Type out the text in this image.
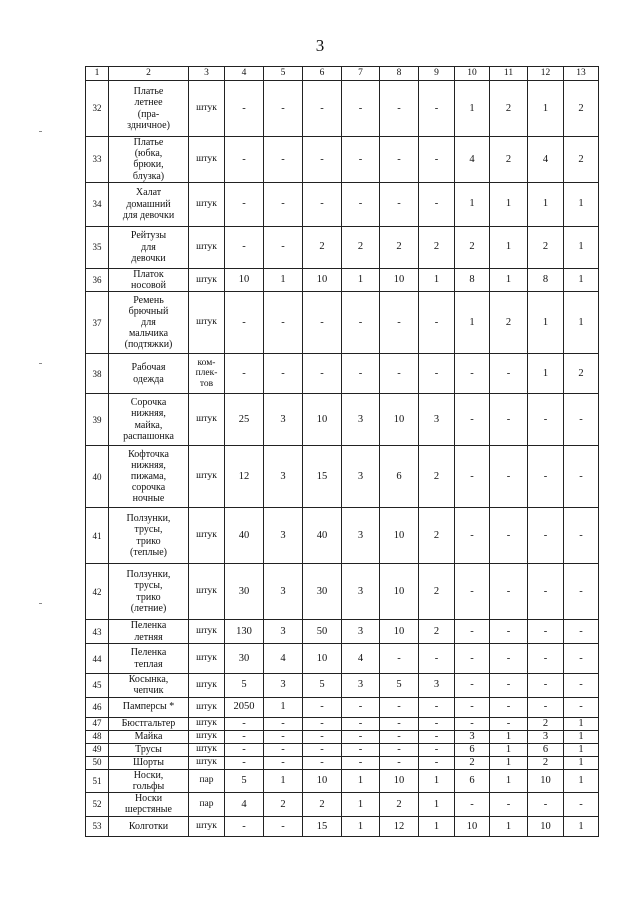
3
1	2	3	4	5	6	7	8	9	10	11	12	13
32	Платье
летнее
(пра-
здничное)	штук	-	-	-	-	-	-	1	2	1	2
33	Платье
(юбка,
брюки,
блузка)	штук	-	-	-	-	-	-	4	2	4	2
34	Халат
домашний
для девочки	штук	-	-	-	-	-	-	1	1	1	1
35	Рейтузы
для
девочки	штук	-	-	2	2	2	2	2	1	2	1
36	Платок
носовой	штук	10	1	10	1	10	1	8	1	8	1
37	Ремень
брючный
для
мальчика
(подтяжки)	штук	-	-	-	-	-	-	1	2	1	1
38	Рабочая
одежда	ком-
плек-
тов	-	-	-	-	-	-	-	-	1	2
39	Сорочка
нижняя,
майка,
распашонка	штук	25	3	10	3	10	3	-	-	-	-
40	Кофточка
нижняя,
пижама,
сорочка
ночные	штук	12	3	15	3	6	2	-	-	-	-
41	Ползунки,
трусы,
трико
(теплые)	штук	40	3	40	3	10	2	-	-	-	-
42	Ползунки,
трусы,
трико
(летние)	штук	30	3	30	3	10	2	-	-	-	-
43	Пеленка
летняя	штук	130	3	50	3	10	2	-	-	-	-
44	Пеленка
теплая	штук	30	4	10	4	-	-	-	-	-	-
45	Косынка,
чепчик	штук	5	3	5	3	5	3	-	-	-	-
46	Памперсы *	штук	2050	1	-	-	-	-	-	-	-	-
47	Бюстгальтер	штук	-	-	-	-	-	-	-	-	2	1
48	Майка	штук	-	-	-	-	-	-	3	1	3	1
49	Трусы	штук	-	-	-	-	-	-	6	1	6	1
50	Шорты	штук	-	-	-	-	-	-	2	1	2	1
51	Носки,
гольфы	пар	5	1	10	1	10	1	6	1	10	1
52	Носки
шерстяные	пар	4	2	2	1	2	1	-	-	-	-
53	Колготки	штук	-	-	15	1	12	1	10	1	10	1
